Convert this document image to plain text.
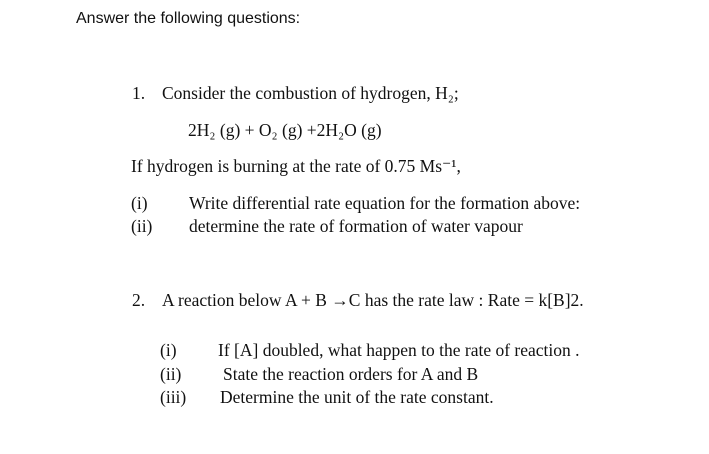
Answer the following questions:
1. Consider the combustion of hydrogen, H₂;
2H₂ (g) + O₂ (g) +2H₂O (g)
If hydrogen is burning at the rate of 0.75 Ms⁻¹,
(i) Write differential rate equation for the formation above:
(ii) determine the rate of formation of water vapour
2. A reaction below A + B →C has the rate law : Rate = k[B]2.
(i) If [A] doubled, what happen to the rate of reaction .
(ii) State the reaction orders for A and B
(iii) Determine the unit of the rate constant.
